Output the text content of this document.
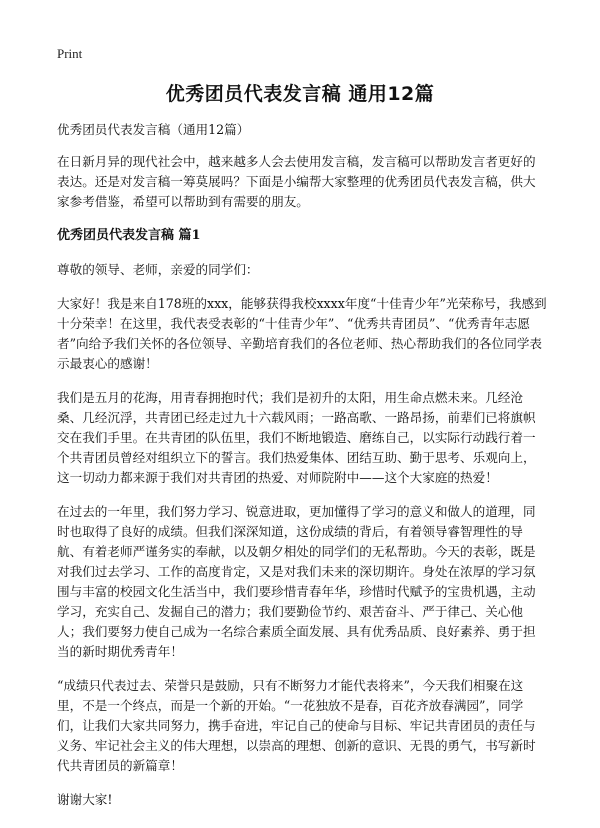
Print
优秀团员代表发言稿 通用12篇

优秀团员代表发言稿（通用12篇）

在日新月异的现代社会中，越来越多人会去使用发言稿，发言稿可以帮助发言者更好的表达。还是对发言稿一筹莫展吗？下面是小编帮大家整理的优秀团员代表发言稿，供大家参考借鉴，希望可以帮助到有需要的朋友。

优秀团员代表发言稿 篇1

尊敬的领导、老师，亲爱的同学们：

大家好！我是来自178班的xxx，能够获得我校xxxx年度“十佳青少年”光荣称号，我感到十分荣幸！在这里，我代表受表彰的“十佳青少年”、“优秀共青团员”、“优秀青年志愿者”向给予我们关怀的各位领导、辛勤培育我们的各位老师、热心帮助我们的各位同学表示最衷心的感谢！

我们是五月的花海，用青春拥抱时代；我们是初升的太阳，用生命点燃未来。几经沧桑、几经沉浮，共青团已经走过九十六载风雨；一路高歌、一路昂扬，前辈们已将旗帜交在我们手里。在共青团的队伍里，我们不断地锻造、磨练自己，以实际行动践行着一个共青团员曾经对组织立下的誓言。我们热爱集体、团结互助、勤于思考、乐观向上，这一切动力都来源于我们对共青团的热爱、对师院附中——这个大家庭的热爱！

在过去的一年里，我们努力学习、锐意进取，更加懂得了学习的意义和做人的道理，同时也取得了良好的成绩。但我们深深知道，这份成绩的背后，有着领导睿智理性的导航、有着老师严谨务实的奉献，以及朝夕相处的同学们的无私帮助。今天的表彰，既是对我们过去学习、工作的高度肯定，又是对我们未来的深切期许。身处在浓厚的学习氛围与丰富的校园文化生活当中，我们要珍惜青春年华，珍惜时代赋予的宝贵机遇，主动学习，充实自己、发掘自己的潜力；我们要勤俭节约、艰苦奋斗、严于律己、关心他人；我们要努力使自己成为一名综合素质全面发展、具有优秀品质、良好素养、勇于担当的新时期优秀青年！

“成绩只代表过去、荣誉只是鼓励，只有不断努力才能代表将来”，今天我们相聚在这里，不是一个终点，而是一个新的开始。“一花独放不是春，百花齐放春满园”，同学们，让我们大家共同努力，携手奋进，牢记自己的使命与目标、牢记共青团员的责任与义务、牢记社会主义的伟大理想，以崇高的理想、创新的意识、无畏的勇气，书写新时代共青团员的新篇章！

谢谢大家!
